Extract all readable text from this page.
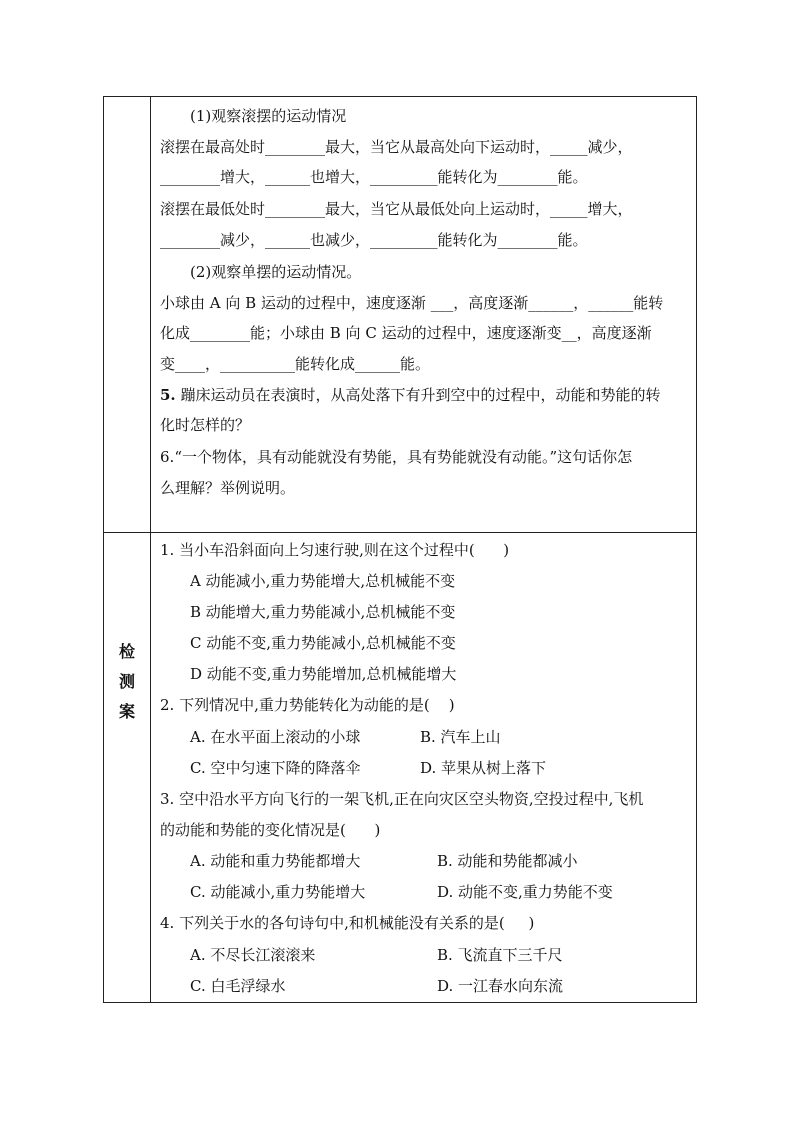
检
测
案
(1)观察滚摆的运动情况
滚摆在最高处时________最大，当它从最高处向下运动时，_____减少，
________增大，______也增大，_________能转化为________能。
滚摆在最低处时________最大，当它从最低处向上运动时，_____增大，
________减少，______也减少，_________能转化为________能。
(2)观察单摆的运动情况。
小球由 A 向 B 运动的过程中，速度逐渐 ___，高度逐渐______，______能转
化成________能；小球由 B 向 C 运动的过程中，速度逐渐变__，高度逐渐
变____，__________能转化成______能。
5. 蹦床运动员在表演时，从高处落下有升到空中的过程中，动能和势能的转
化时怎样的？
6.“一个物体，具有动能就没有势能，具有势能就没有动能。”这句话你怎
么理解？举例说明。
1. 当小车沿斜面向上匀速行驶,则在这个过程中(      )
A 动能减小,重力势能增大,总机械能不变
B 动能增大,重力势能减小,总机械能不变
C 动能不变,重力势能减小,总机械能不变
D 动能不变,重力势能增加,总机械能增大
2. 下列情况中,重力势能转化为动能的是(    )
A. 在水平面上滚动的小球	B. 汽车上山
C. 空中匀速下降的降落伞	D. 苹果从树上落下
3. 空中沿水平方向飞行的一架飞机,正在向灾区空头物资,空投过程中,飞机
的动能和势能的变化情况是(      )
A. 动能和重力势能都增大	B. 动能和势能都减小
C. 动能减小,重力势能增大	D. 动能不变,重力势能不变
4. 下列关于水的各句诗句中,和机械能没有关系的是(     )
A. 不尽长江滚滚来	B. 飞流直下三千尺
C. 白毛浮绿水	D. 一江春水向东流
